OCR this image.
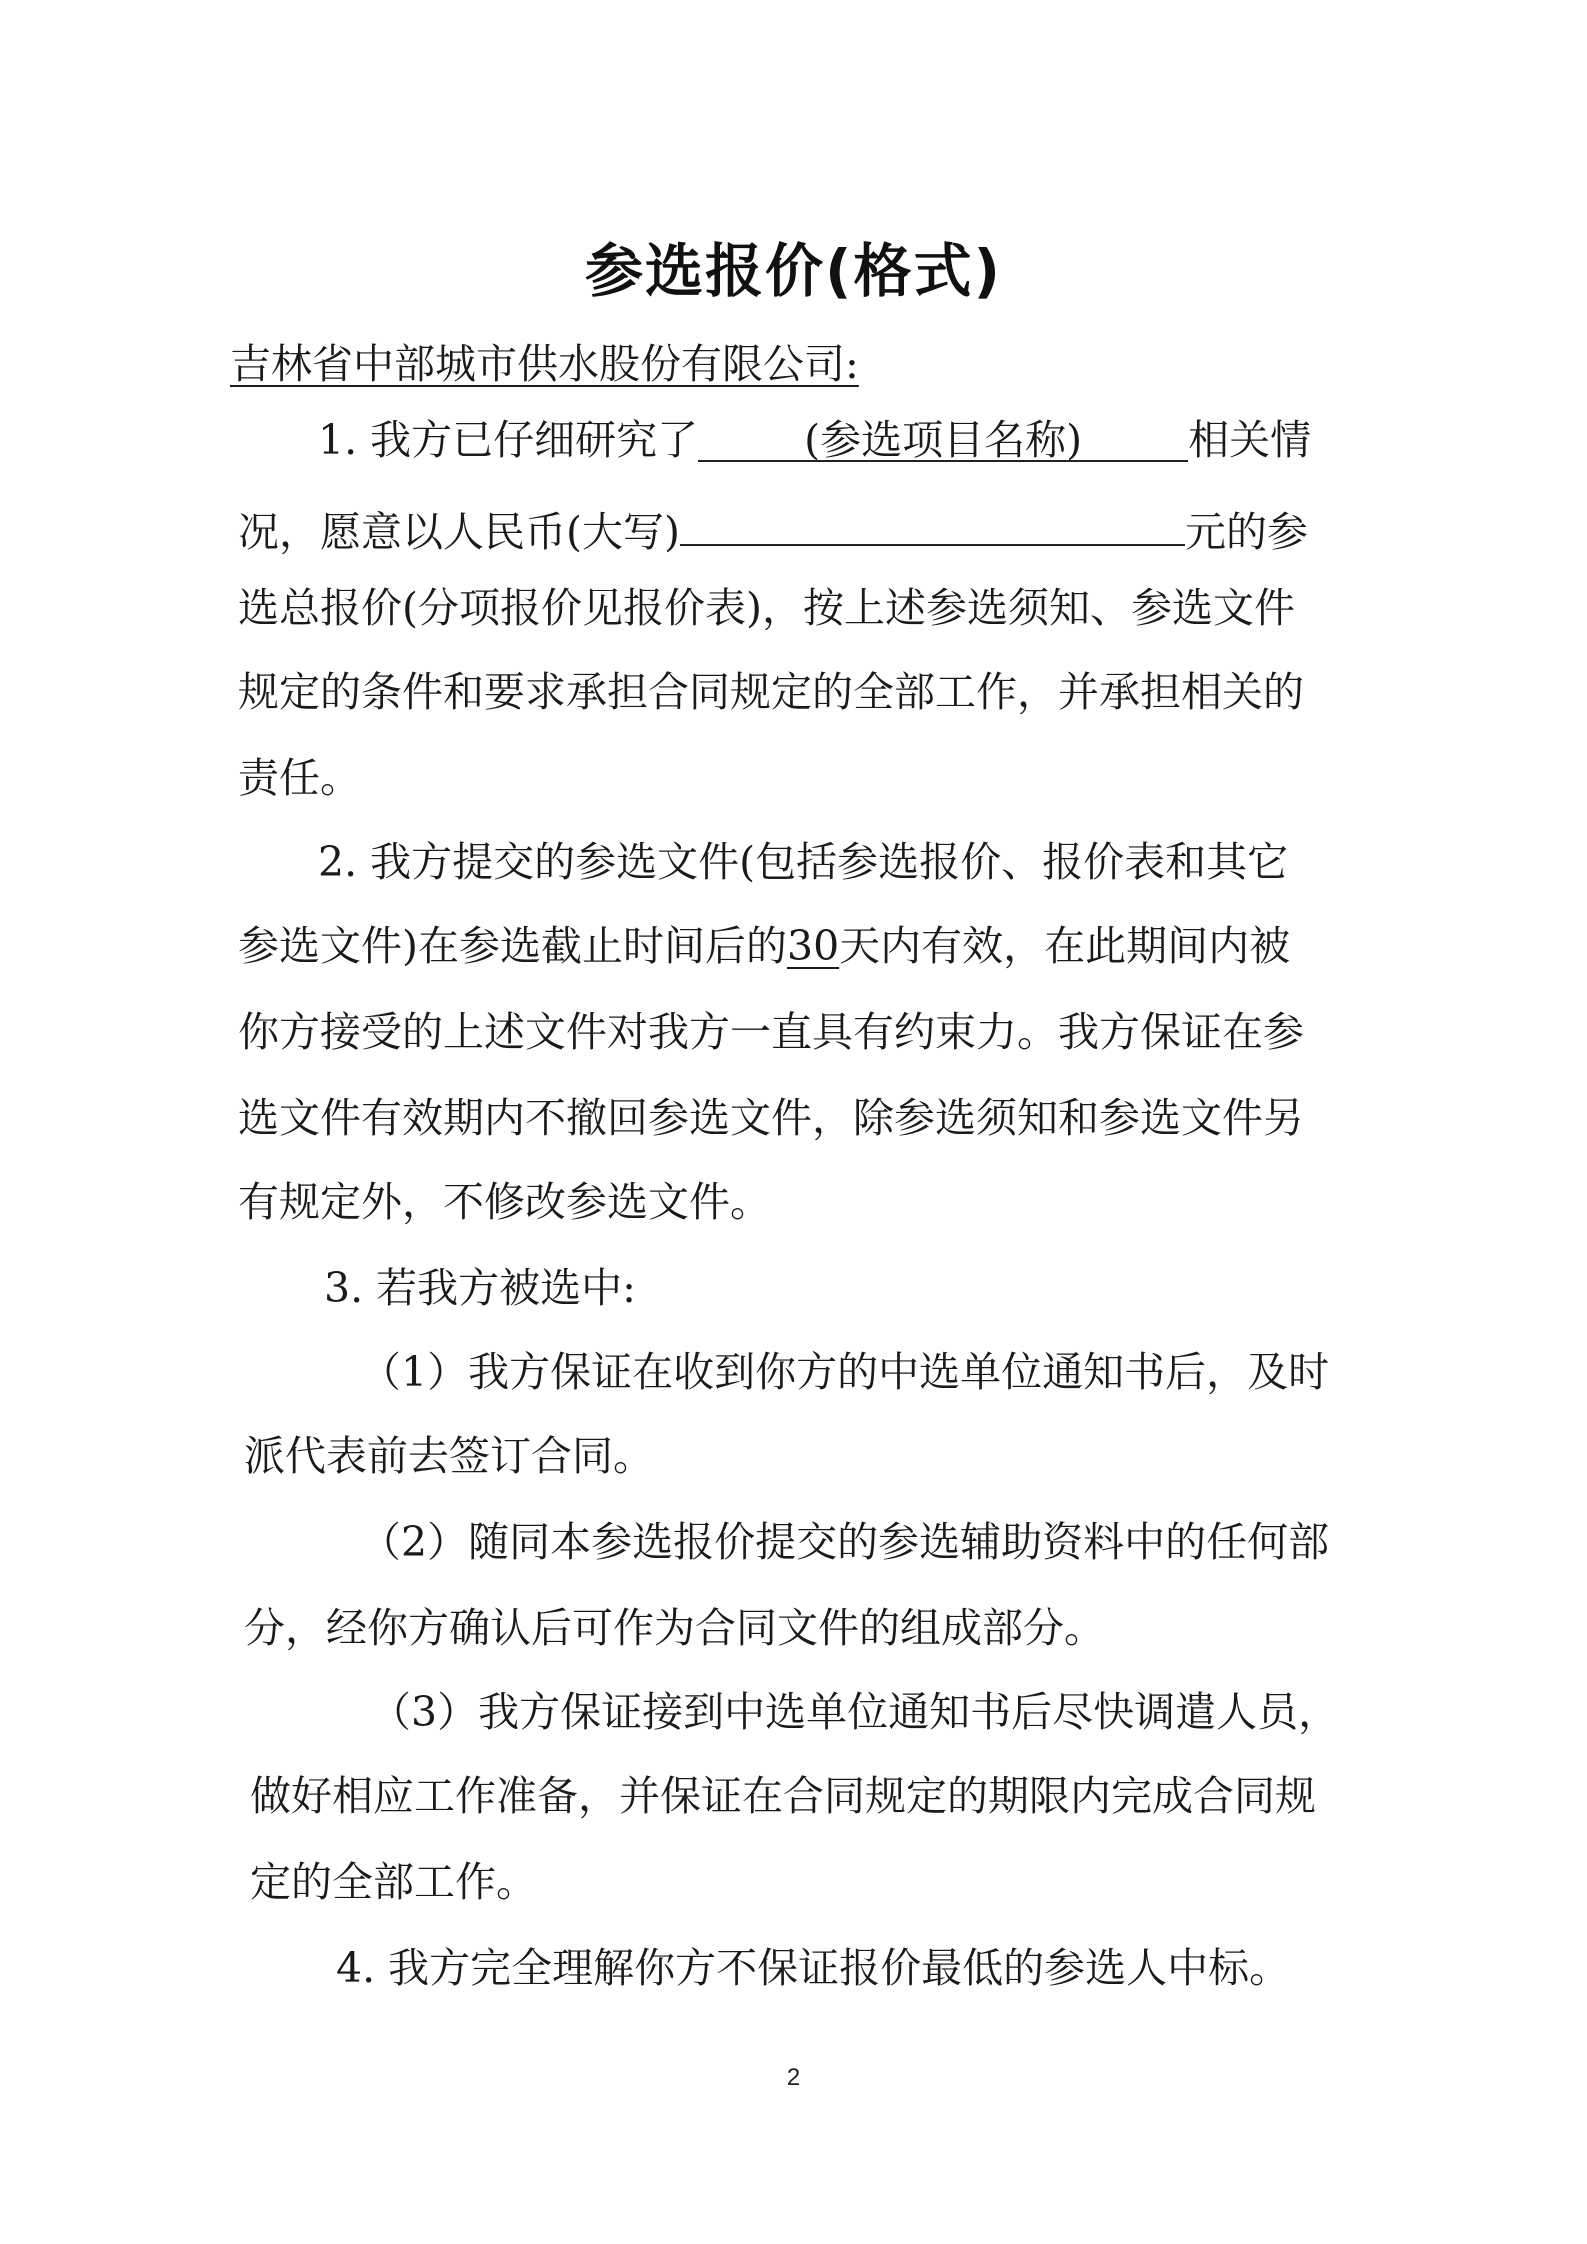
参选报价(格式)
吉林省中部城市供水股份有限公司:
1. 我方已仔细研究了	(参选项目名称)	相关情
况，愿意以人民币(大写)	元的参
选总报价(分项报价见报价表)，按上述参选须知、参选文件
规定的条件和要求承担合同规定的全部工作，并承担相关的
责任。
2. 我方提交的参选文件(包括参选报价、报价表和其它
参选文件)在参选截止时间后的30天内有效，在此期间内被
你方接受的上述文件对我方一直具有约束力。我方保证在参
选文件有效期内不撤回参选文件，除参选须知和参选文件另
有规定外，不修改参选文件。
3. 若我方被选中:
（1）我方保证在收到你方的中选单位通知书后，及时
派代表前去签订合同。
（2）随同本参选报价提交的参选辅助资料中的任何部
分，经你方确认后可作为合同文件的组成部分。
（3）我方保证接到中选单位通知书后尽快调遣人员，
做好相应工作准备，并保证在合同规定的期限内完成合同规
定的全部工作。
4. 我方完全理解你方不保证报价最低的参选人中标。
2
